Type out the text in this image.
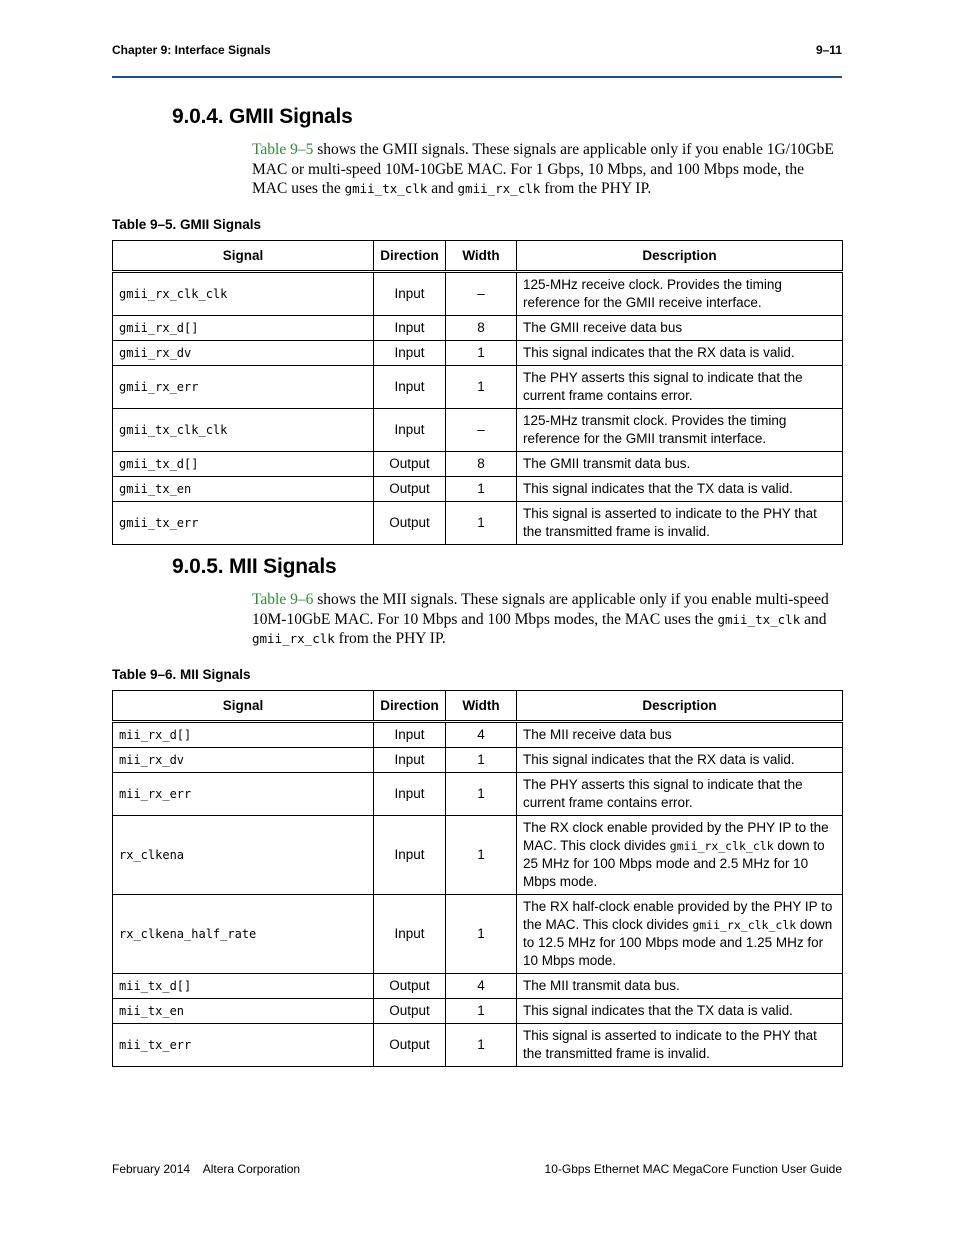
Chapter 9: Interface Signals	9–11
9.0.4. GMII Signals

Table 9–5 shows the GMII signals. These signals are applicable only if you enable 1G/10GbE MAC or multi-speed 10M-10GbE MAC. For 1 Gbps, 10 Mbps, and 100 Mbps mode, the MAC uses the gmii_tx_clk and gmii_rx_clk from the PHY IP.

Table 9–5. GMII Signals

Signal	Direction	Width	Description
gmii_rx_clk_clk	Input	–	125-MHz receive clock. Provides the timing reference for the GMII receive interface.
gmii_rx_d[]	Input	8	The GMII receive data bus
gmii_rx_dv	Input	1	This signal indicates that the RX data is valid.
gmii_rx_err	Input	1	The PHY asserts this signal to indicate that the current frame contains error.
gmii_tx_clk_clk	Input	–	125-MHz transmit clock. Provides the timing reference for the GMII transmit interface.
gmii_tx_d[]	Output	8	The GMII transmit data bus.
gmii_tx_en	Output	1	This signal indicates that the TX data is valid.
gmii_tx_err	Output	1	This signal is asserted to indicate to the PHY that the transmitted frame is invalid.
9.0.5. MII Signals

Table 9–6 shows the MII signals. These signals are applicable only if you enable multi-speed 10M-10GbE MAC. For 10 Mbps and 100 Mbps modes, the MAC uses the gmii_tx_clk and gmii_rx_clk from the PHY IP.

Table 9–6. MII Signals

Signal	Direction	Width	Description
mii_rx_d[]	Input	4	The MII receive data bus
mii_rx_dv	Input	1	This signal indicates that the RX data is valid.
mii_rx_err	Input	1	The PHY asserts this signal to indicate that the current frame contains error.
rx_clkena	Input	1	The RX clock enable provided by the PHY IP to the MAC. This clock divides gmii_rx_clk_clk down to 25 MHz for 100 Mbps mode and 2.5 MHz for 10 Mbps mode.
rx_clkena_half_rate	Input	1	The RX half-clock enable provided by the PHY IP to the MAC. This clock divides gmii_rx_clk_clk down to 12.5 MHz for 100 Mbps mode and 1.25 MHz for 10 Mbps mode.
mii_tx_d[]	Output	4	The MII transmit data bus.
mii_tx_en	Output	1	This signal indicates that the TX data is valid.
mii_tx_err	Output	1	This signal is asserted to indicate to the PHY that the transmitted frame is invalid.
February 2014    Altera Corporation	10-Gbps Ethernet MAC MegaCore Function User Guide
